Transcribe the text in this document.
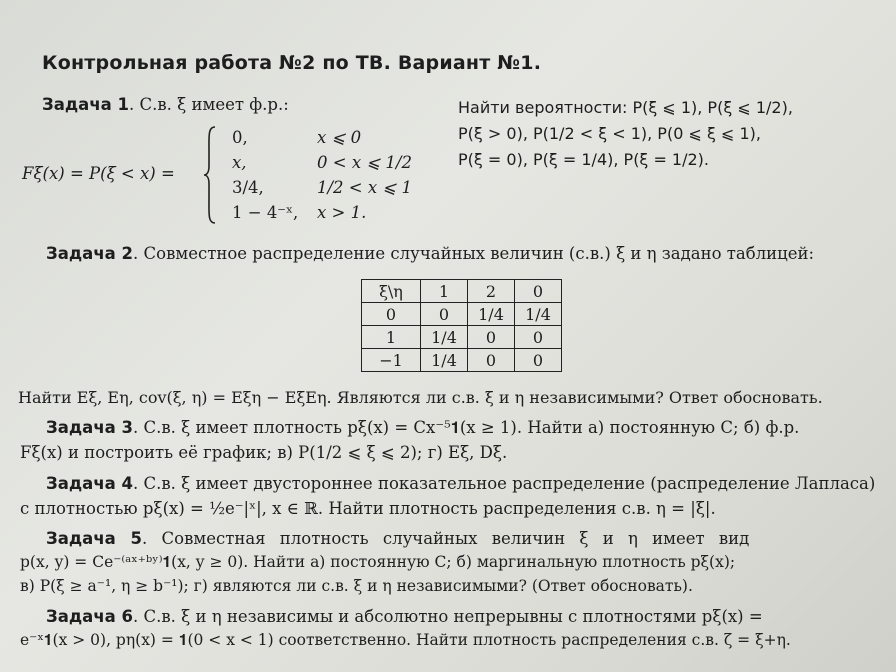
Контрольная работа №2 по ТВ. Вариант №1.
Задача 1. С.в. ξ имеет ф.р.:
Fξ(x) = P(ξ < x) =
0,	x ⩽ 0
x,	0 < x ⩽ 1/2
3/4,	1/2 < x ⩽ 1
1 − 4⁻ˣ, x > 1.
Найти вероятности: P(ξ ⩽ 1), P(ξ ⩽ 1/2),
P(ξ > 0), P(1/2 < ξ < 1), P(0 ⩽ ξ ⩽ 1),
P(ξ = 0), P(ξ = 1/4), P(ξ = 1/2).
Задача 2. Совместное распределение случайных величин (с.в.) ξ и η задано таблицей:
ξ\η	1	2	0
0	0	1/4	1/4
1	1/4	0	0
−1	1/4	0	0
Найти Eξ, Eη, cov(ξ, η) = Eξη − EξEη. Являются ли с.в. ξ и η независимыми? Ответ обосновать.
Задача 3. С.в. ξ имеет плотность pξ(x) = Cx⁻⁵𝟏(x ≥ 1). Найти а) постоянную C; б) ф.р.
Fξ(x) и построить её график; в) P(1/2 ⩽ ξ ⩽ 2); г) Eξ, Dξ.
Задача 4. С.в. ξ имеет двустороннее показательное распределение (распределение Лапласа)
с плотностью pξ(x) = ½e⁻|ˣ|, x ∈ ℝ. Найти плотность распределения с.в. η = |ξ|.
Задача 5. Совместная плотность случайных величин ξ и η имеет вид
p(x, y) = Ce⁻⁽ᵃˣ⁺ᵇʸ⁾𝟏(x, y ≥ 0). Найти а) постоянную C; б) маргинальную плотность pξ(x);
в) P(ξ ≥ a⁻¹, η ≥ b⁻¹); г) являются ли с.в. ξ и η независимыми? (Ответ обосновать).
Задача 6. С.в. ξ и η независимы и абсолютно непрерывны с плотностями pξ(x) =
e⁻ˣ𝟏(x > 0), pη(x) = 𝟏(0 < x < 1) соответственно. Найти плотность распределения с.в. ζ = ξ+η.
